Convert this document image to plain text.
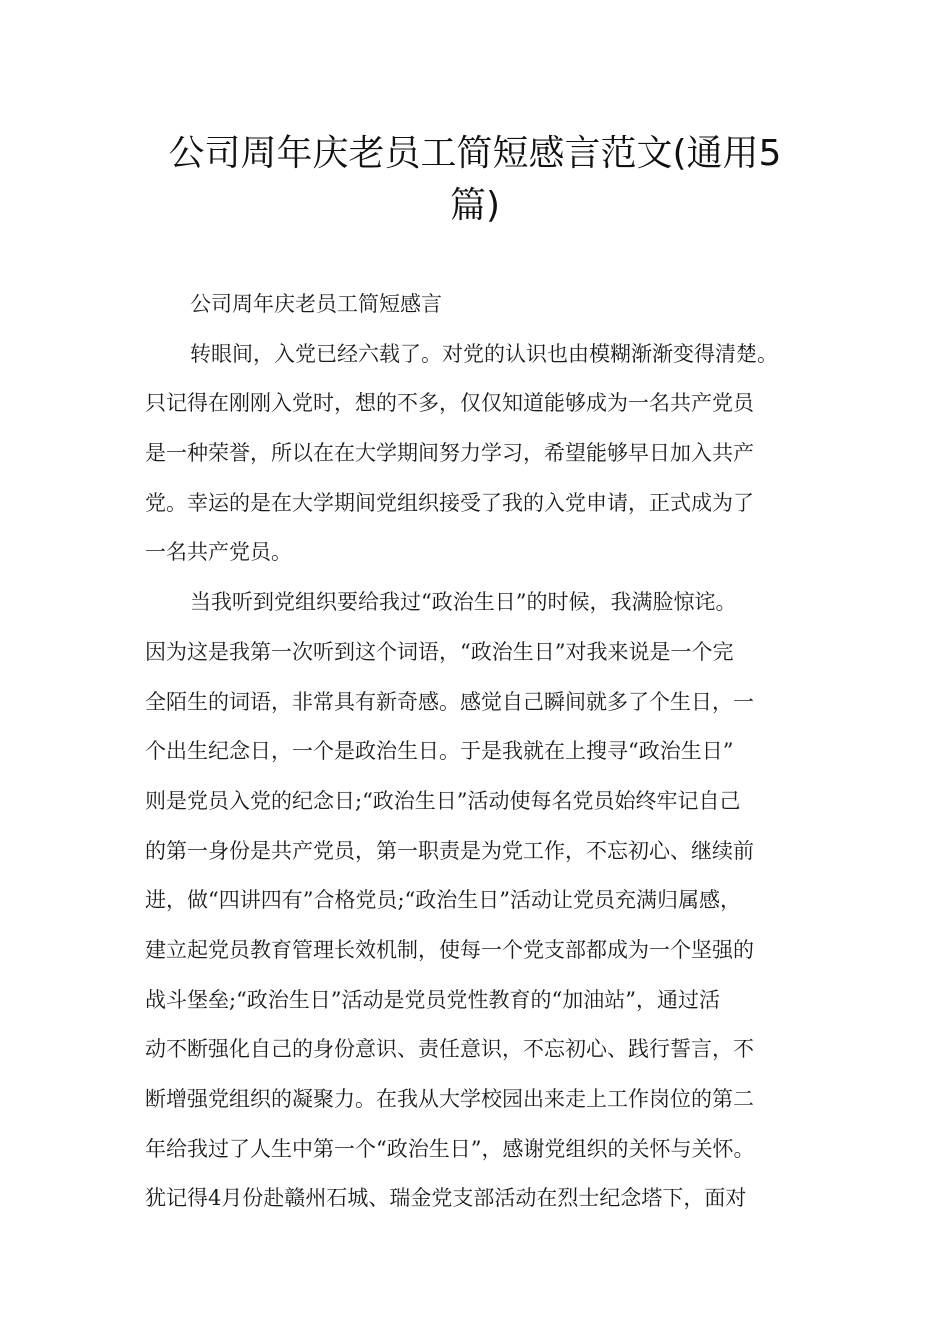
公司周年庆老员工简短感言范文(通用5
篇)
公司周年庆老员工简短感言
转眼间，入党已经六载了。对党的认识也由模糊渐渐变得清楚。
只记得在刚刚入党时，想的不多，仅仅知道能够成为一名共产党员
是一种荣誉，所以在在大学期间努力学习，希望能够早日加入共产
党。幸运的是在大学期间党组织接受了我的入党申请，正式成为了
一名共产党员。
当我听到党组织要给我过“政治生日”的时候，我满脸惊诧。
因为这是我第一次听到这个词语，“政治生日”对我来说是一个完
全陌生的词语，非常具有新奇感。感觉自己瞬间就多了个生日，一
个出生纪念日，一个是政治生日。于是我就在上搜寻“政治生日”
则是党员入党的纪念日;“政治生日”活动使每名党员始终牢记自己
的第一身份是共产党员，第一职责是为党工作，不忘初心、继续前
进，做“四讲四有”合格党员;“政治生日”活动让党员充满归属感，
建立起党员教育管理长效机制，使每一个党支部都成为一个坚强的
战斗堡垒;“政治生日”活动是党员党性教育的“加油站”，通过活
动不断强化自己的身份意识、责任意识，不忘初心、践行誓言，不
断增强党组织的凝聚力。在我从大学校园出来走上工作岗位的第二
年给我过了人生中第一个“政治生日”，感谢党组织的关怀与关怀。
犹记得4月份赴赣州石城、瑞金党支部活动在烈士纪念塔下，面对
